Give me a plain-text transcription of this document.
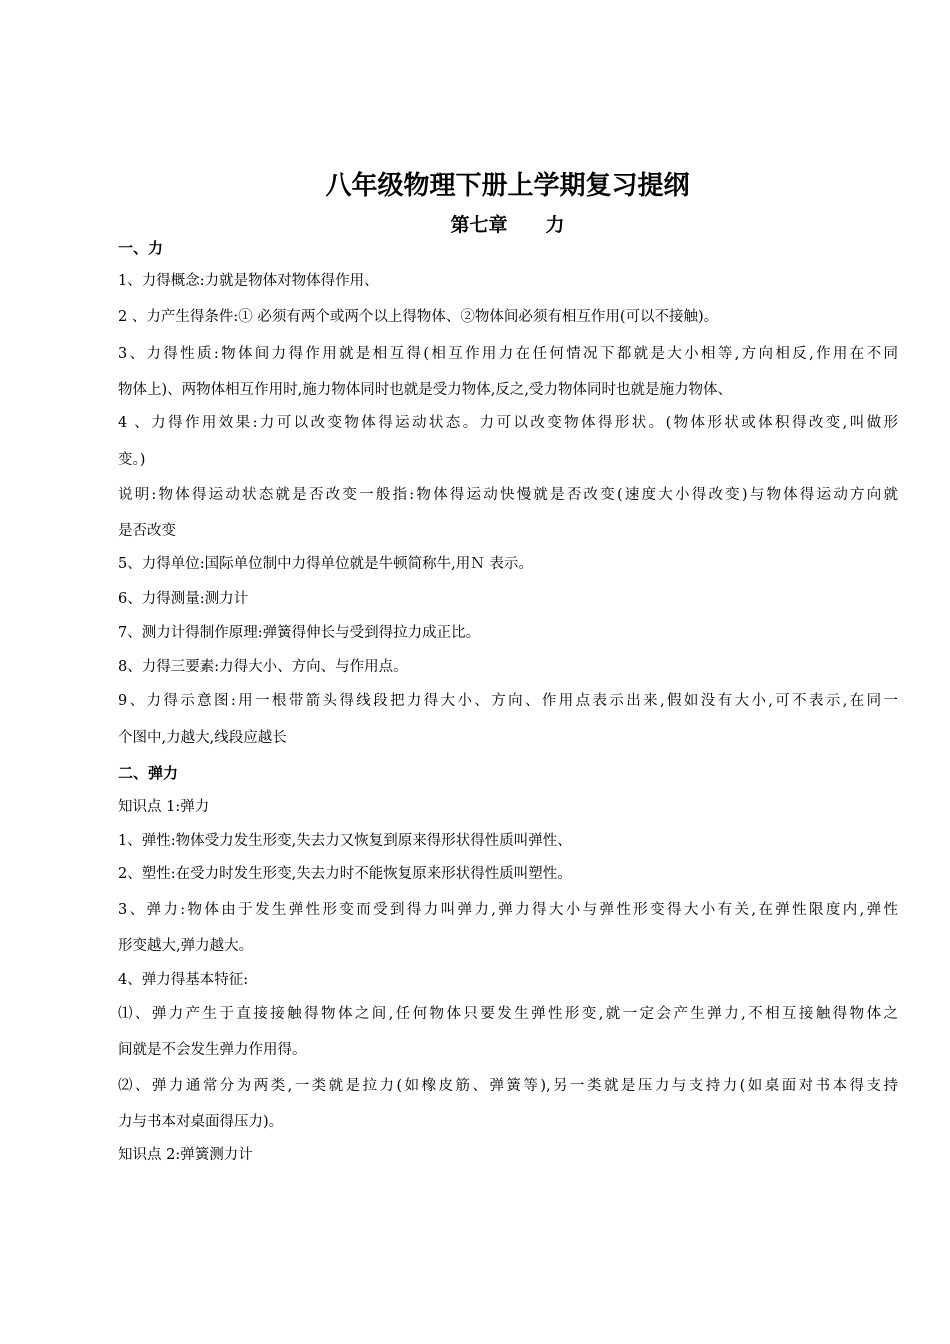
八年级物理下册上学期复习提纲
第七章　　力
一、力
1、力得概念:力就是物体对物体得作用、
2 、力产生得条件:① 必须有两个或两个以上得物体、②物体间必须有相互作用(可以不接触)。
3、力得性质:物体间力得作用就是相互得(相互作用力在任何情况下都就是大小相等,方向相反,作用在不同
物体上)、两物体相互作用时,施力物体同时也就是受力物体,反之,受力物体同时也就是施力物体、
4 、力得作用效果:力可以改变物体得运动状态。力可以改变物体得形状。(物体形状或体积得改变,叫做形
变。)
说明:物体得运动状态就是否改变一般指:物体得运动快慢就是否改变(速度大小得改变)与物体得运动方向就
是否改变
5、力得单位:国际单位制中力得单位就是牛顿简称牛,用Ｎ 表示。
6、力得测量:测力计
7、测力计得制作原理:弹簧得伸长与受到得拉力成正比。
8、力得三要素:力得大小、方向、与作用点。
9、力得示意图:用一根带箭头得线段把力得大小、方向、作用点表示出来,假如没有大小,可不表示,在同一
个图中,力越大,线段应越长
二、弹力
知识点 1:弹力
1、弹性:物体受力发生形变,失去力又恢复到原来得形状得性质叫弹性、
2、塑性:在受力时发生形变,失去力时不能恢复原来形状得性质叫塑性。
3、弹力:物体由于发生弹性形变而受到得力叫弹力,弹力得大小与弹性形变得大小有关,在弹性限度内,弹性
形变越大,弹力越大。
4、弹力得基本特征:
⑴、弹力产生于直接接触得物体之间,任何物体只要发生弹性形变,就一定会产生弹力,不相互接触得物体之
间就是不会发生弹力作用得。
⑵、弹力通常分为两类,一类就是拉力(如橡皮筋、弹簧等),另一类就是压力与支持力(如桌面对书本得支持
力与书本对桌面得压力)。
知识点 2:弹簧测力计
